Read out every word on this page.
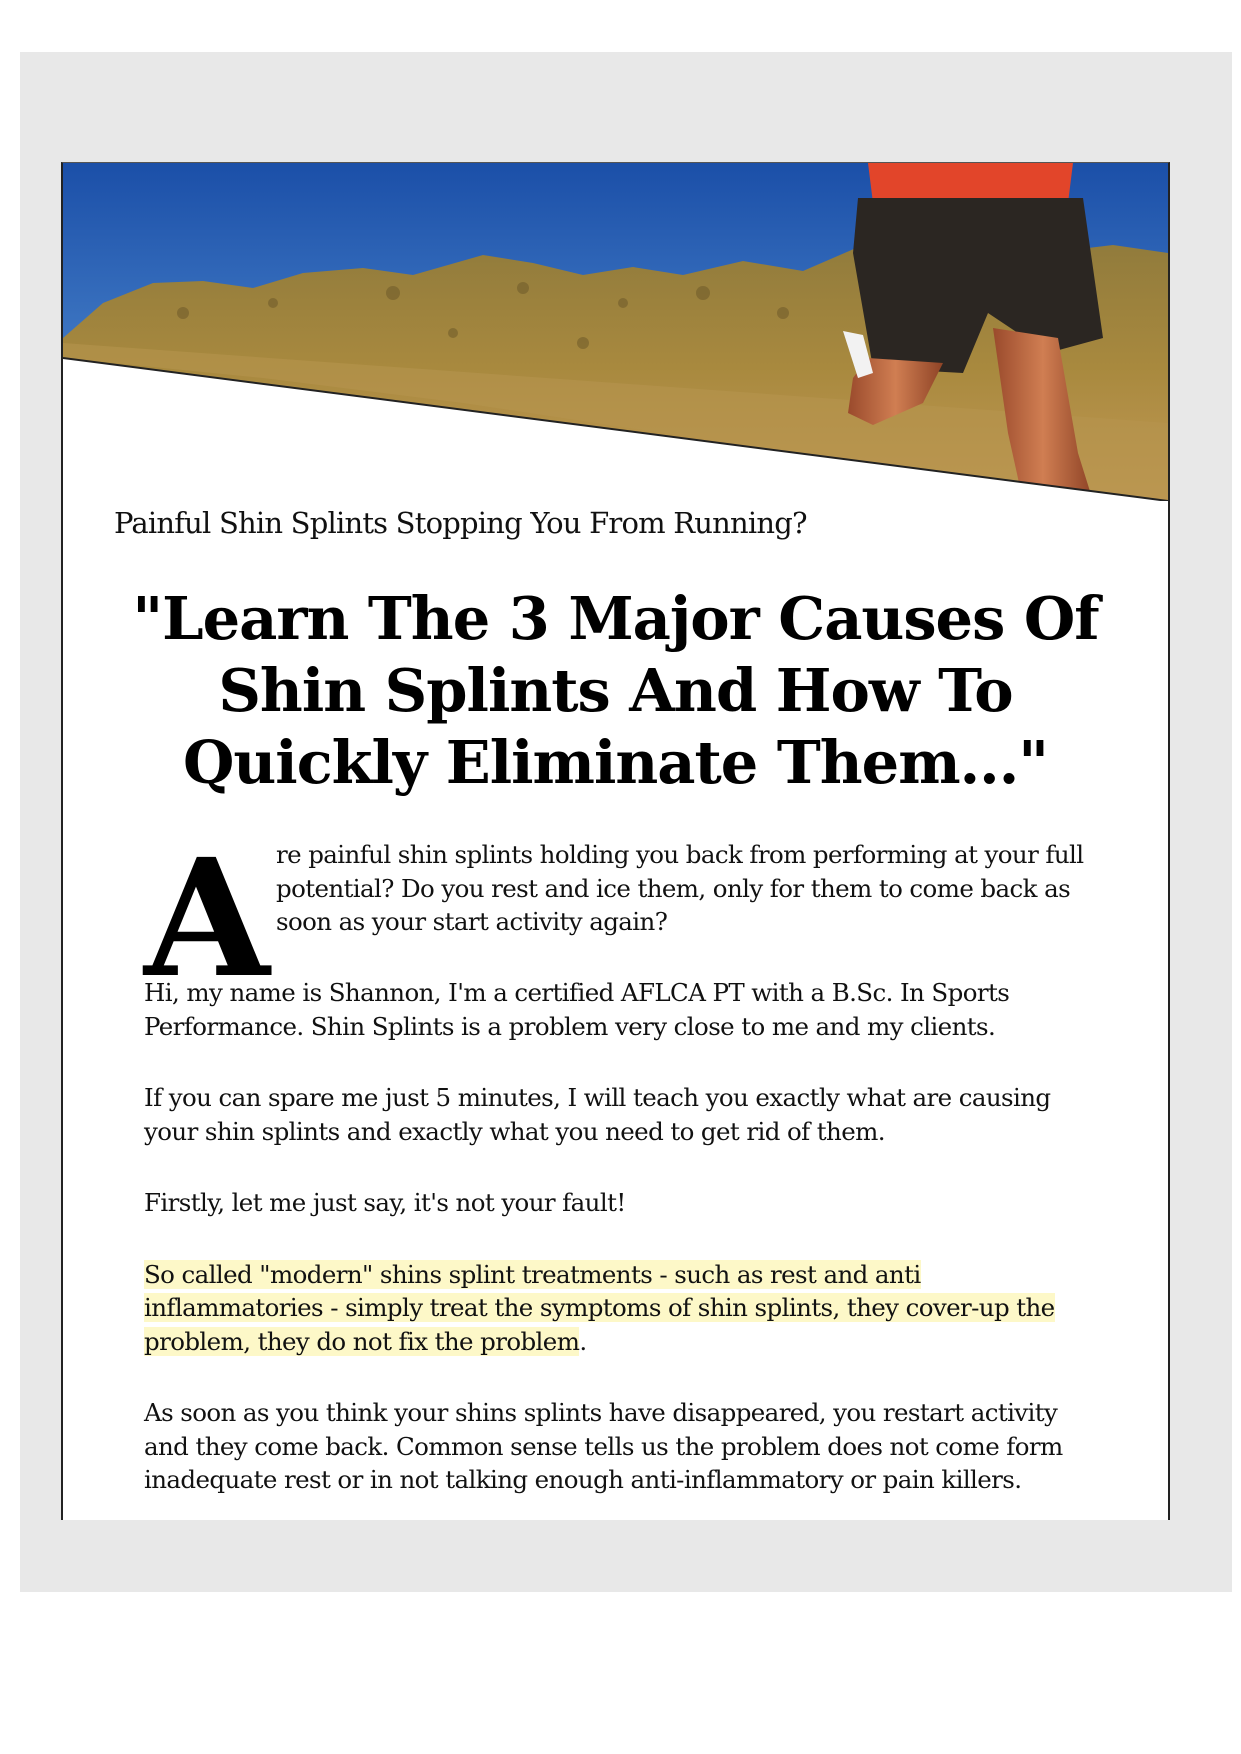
Painful Shin Splints Stopping You From Running?

"Learn The 3 Major Causes Of Shin Splints And How To Quickly Eliminate Them..."
A re painful shin splints holding you back from performing at your full potential? Do you rest and ice them, only for them to come back as soon as your start activity again?

Hi, my name is Shannon, I'm a certified AFLCA PT with a B.Sc. In Sports Performance. Shin Splints is a problem very close to me and my clients.

If you can spare me just 5 minutes, I will teach you exactly what are causing your shin splints and exactly what you need to get rid of them.

Firstly, let me just say, it's not your fault!

So called "modern" shins splint treatments - such as rest and anti inflammatories - simply treat the symptoms of shin splints, they cover-up the problem, they do not fix the problem.

As soon as you think your shins splints have disappeared, you restart activity and they come back. Common sense tells us the problem does not come form inadequate rest or in not talking enough anti-inflammatory or pain killers.
